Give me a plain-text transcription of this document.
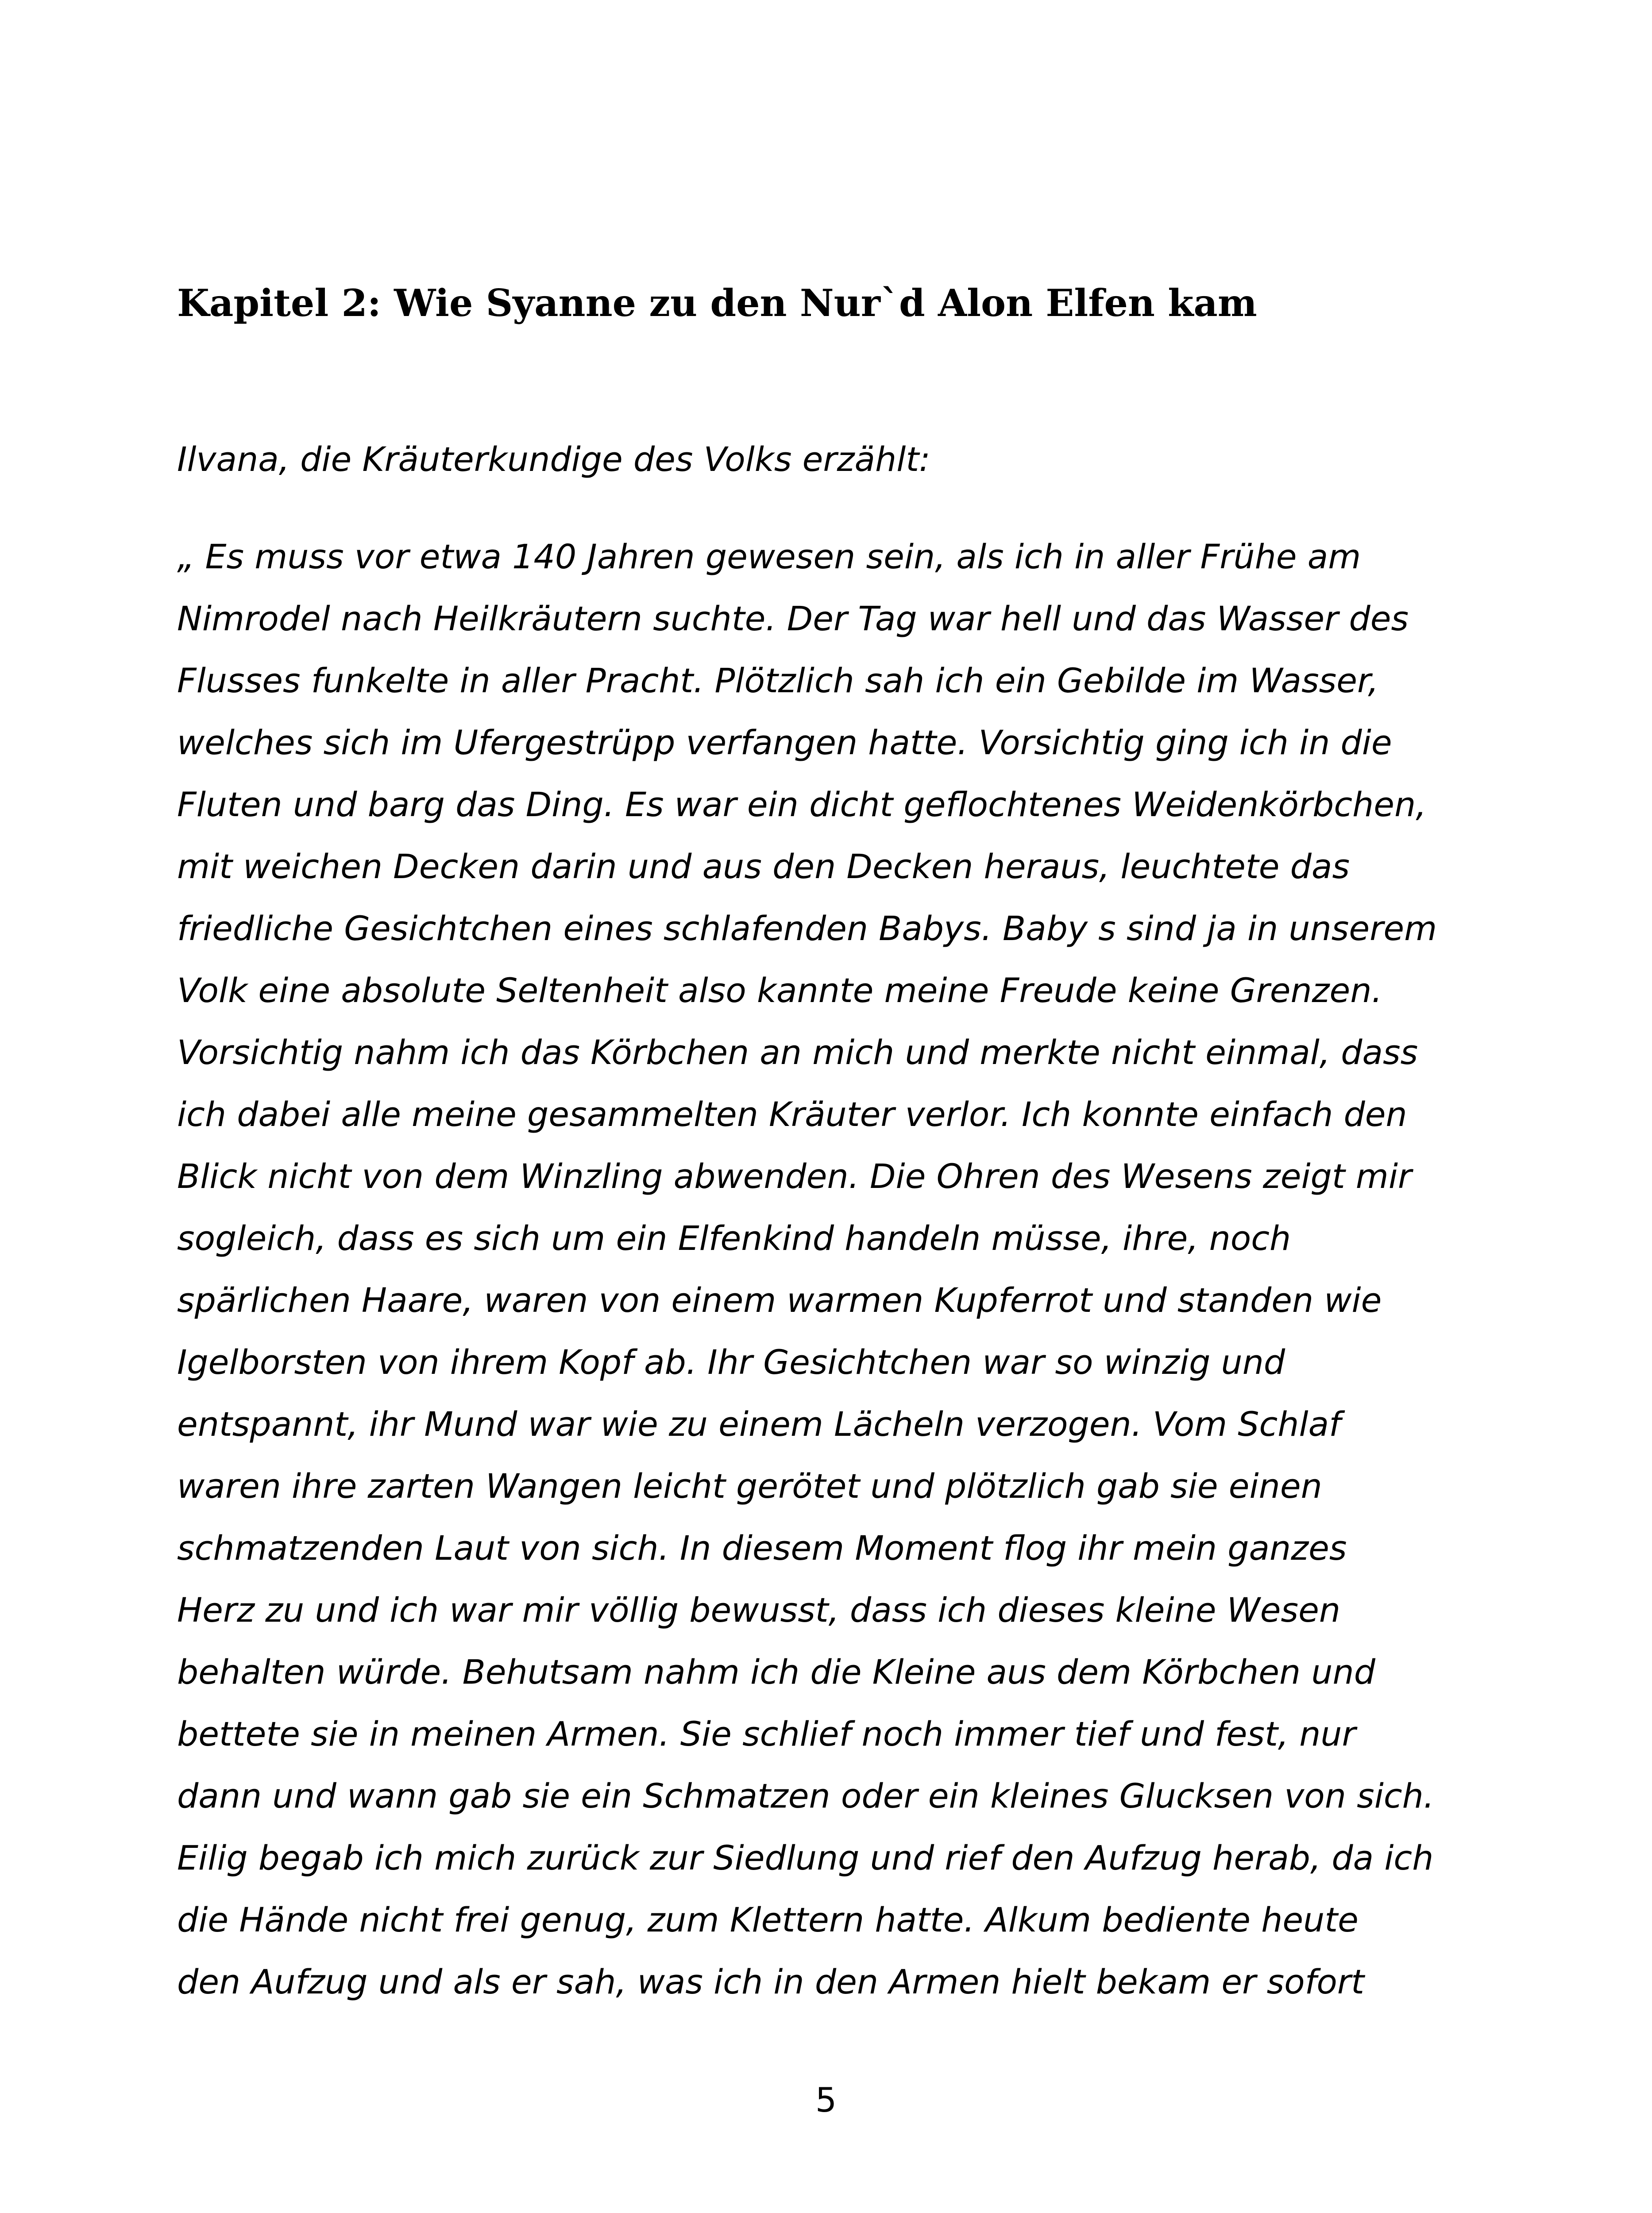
Kapitel 2: Wie Syanne zu den Nur`d Alon Elfen kam

Ilvana, die Kräuterkundige des Volks erzählt:

„ Es muss vor etwa 140 Jahren gewesen sein, als ich in aller Frühe am
Nimrodel nach Heilkräutern suchte. Der Tag war hell und das Wasser des
Flusses funkelte in aller Pracht. Plötzlich sah ich ein Gebilde im Wasser,
welches sich im Ufergestrüpp verfangen hatte. Vorsichtig ging ich in die
Fluten und barg das Ding. Es war ein dicht geflochtenes Weidenkörbchen,
mit weichen Decken darin und aus den Decken heraus, leuchtete das
friedliche Gesichtchen eines schlafenden Babys. Baby s sind ja in unserem
Volk eine absolute Seltenheit also kannte meine Freude keine Grenzen.
Vorsichtig nahm ich das Körbchen an mich und merkte nicht einmal, dass
ich dabei alle meine gesammelten Kräuter verlor. Ich konnte einfach den
Blick nicht von dem Winzling abwenden. Die Ohren des Wesens zeigt mir
sogleich, dass es sich um ein Elfenkind handeln müsse, ihre, noch
spärlichen Haare, waren von einem warmen Kupferrot und standen wie
Igelborsten von ihrem Kopf ab. Ihr Gesichtchen war so winzig und
entspannt, ihr Mund war wie zu einem Lächeln verzogen. Vom Schlaf
waren ihre zarten Wangen leicht gerötet und plötzlich gab sie einen
schmatzenden Laut von sich. In diesem Moment flog ihr mein ganzes
Herz zu und ich war mir völlig bewusst, dass ich dieses kleine Wesen
behalten würde. Behutsam nahm ich die Kleine aus dem Körbchen und
bettete sie in meinen Armen. Sie schlief noch immer tief und fest, nur
dann und wann gab sie ein Schmatzen oder ein kleines Glucksen von sich.
Eilig begab ich mich zurück zur Siedlung und rief den Aufzug herab, da ich
die Hände nicht frei genug, zum Klettern hatte. Alkum bediente heute
den Aufzug und als er sah, was ich in den Armen hielt bekam er sofort
5
